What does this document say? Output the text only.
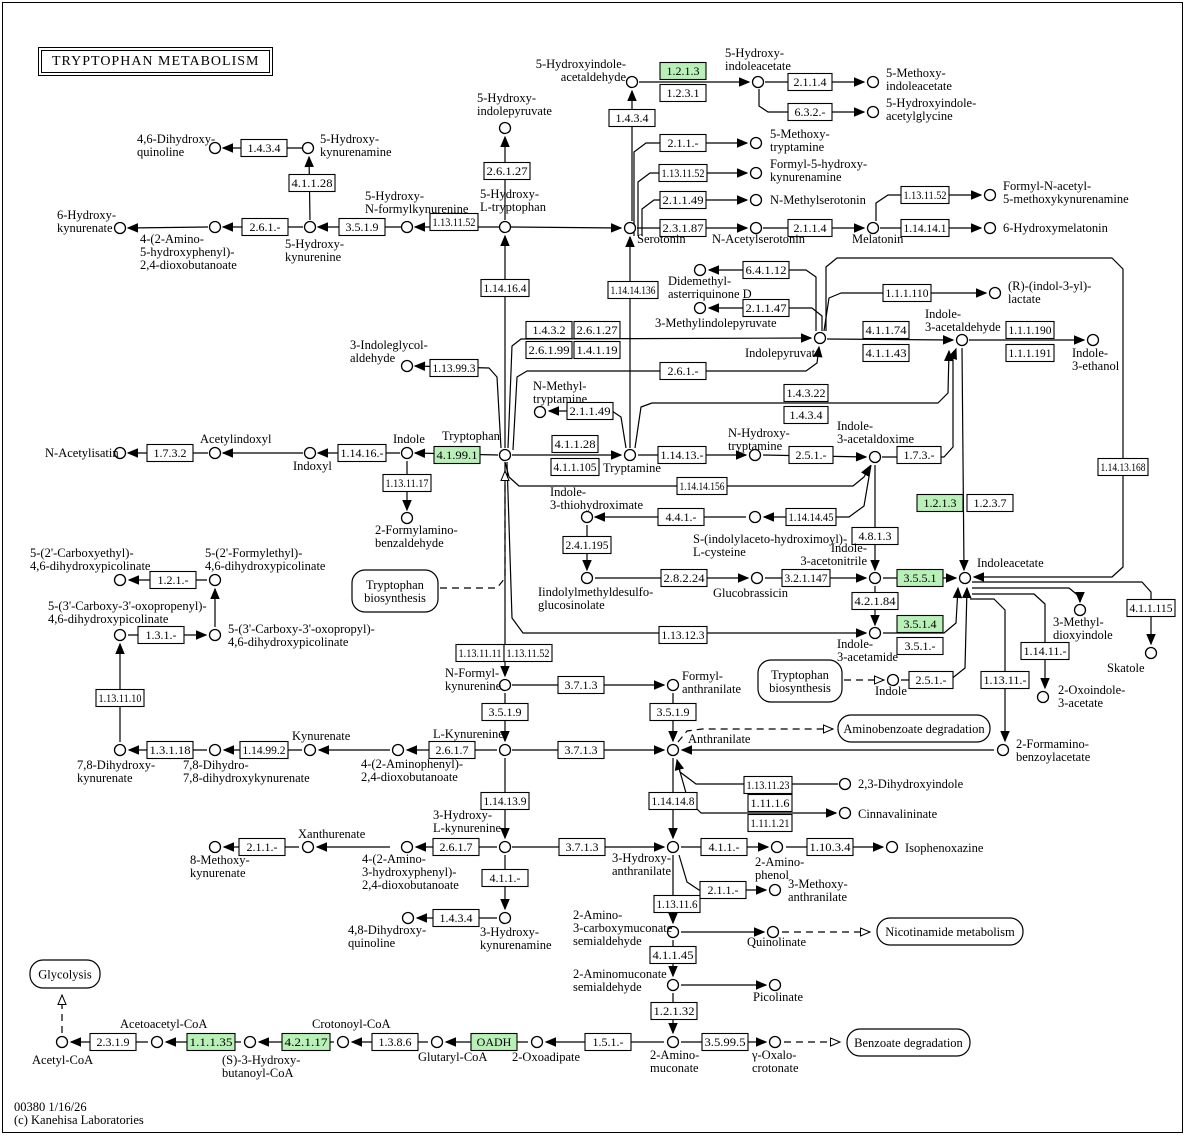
Glycolysis
Tryptophan
biosynthesis
Tryptophan
biosynthesis
Aminobenzoate degradation
Nicotinamide metabolism
Benzoate degradation
1.4.3.4
4.1.1.28
2.6.1.-	3.5.1.9	1.13.11.52
2.6.1.27
1.4.3.4
1.2.1.3
1.2.3.1
2.1.1.4
6.3.2.-
2.1.1.-
1.13.11.52
2.1.1.49
2.3.1.87	2.1.1.4
1.13.11.52
1.14.14.1
1.14.16.4	1.14.14.136
6.4.1.12
2.1.1.47
1.4.3.2 2.6.1.27
2.6.1.99 1.4.1.19
2.6.1.-
1.13.99.3
1.1.1.110
4.1.1.74
4.1.1.43
1.1.1.190
1.1.1.191
1.4.3.22
1.4.3.4
2.1.1.49
4.1.99.1
4.1.1.28
4.1.1.105
1.14.13.-	2.5.1.-	1.7.3.-
1.14.16.-
1.7.3.2
1.13.11.17	1.14.14.156
4.4.1.-	1.14.14.45
2.4.1.195
2.8.2.24	3.2.1.147
4.8.1.3
1.2.1.3 1.2.3.7
3.5.5.1
4.2.1.84
3.5.1.4
3.5.1.-
1.14.13.168
1.13.12.3
1.13.11.11 1.13.11.52
3.7.1.3
3.5.1.9	3.5.1.9
2.6.1.7	3.7.1.3
1.14.99.2
1.3.1.18
1.13.11.10
1.3.1.-
1.2.1.-
2.5.1.-	1.13.11.-
1.14.11.-
4.1.1.115
1.13.11.23
1.11.1.6
1.11.1.21
1.14.13.9	1.14.14.8
2.6.1.7	3.7.1.3
2.1.1.-
4.1.1.-
1.4.3.4
4.1.1.-	1.10.3.4
2.1.1.-
1.13.11.6
4.1.1.45
1.2.1.32
3.5.99.5
1.5.1.-
OADH
1.3.8.6
4.2.1.17
1.1.1.35
2.3.1.9
4,6-Dihydroxy-
quinoline
5-Hydroxy-
kynurenamine
6-Hydroxy-
kynurenate
4-(2-Amino-
5-hydroxyphenyl)-
2,4-dioxobutanoate
5-Hydroxy-
kynurenine
5-Hydroxy-
N-formylkynurenine
5-Hydroxy-
L-tryptophan
5-Hydroxy-
indolepyruvate
5-Hydroxyindole-
acetaldehyde
5-Hydroxy-
indoleacetate	5-Methoxy-
indoleacetate
5-Hydroxyindole-
acetylglycine
5-Methoxy-
tryptamine
Formyl-5-hydroxy-
kynurenamine
N-Methylserotonin
Serotonin N-Acetylserotonin	Melatonin
Formyl-N-acetyl-
5-methoxykynurenamine
6-Hydroxymelatonin
Didemethyl-
asterriquinone D
3-Methylindolepyruvate
Indolepyruvate
(R)-(indol-3-yl)-
lactate
Indole-
3-acetaldehyde
Indole-
3-ethanol
N-Methyl-
tryptamine
Tryptophan
Tryptamine
N-Hydroxy-
tryptamine
Indole-
3-acetaldoxime
3-Indoleglycol-
aldehyde
Indole
Indoxyl
Acetylindoxyl
N-Acetylisatin
2-Formylamino-
benzaldehyde
Indole-
3-thiohydroximate
S-(indolylaceto-hydroximoyl)-
L-cysteine
Iindolylmethyldesulfo-
glucosinolate
Glucobrassicin
Indole-
3-acetonitrile	Indoleacetate
Indole-
3-acetamide
Indole
3-Methyl-
dioxyindole
Skatole
2-Oxoindole-
3-acetate
2-Formamino-
benzoylacetate
5-(2'-Carboxyethyl)-
4,6-dihydroxypicolinate
5-(2'-Formylethyl)-
4,6-dihydroxypicolinate
5-(3'-Carboxy-3'-oxopropenyl)-
4,6-dihydroxypicolinate
5-(3'-Carboxy-3'-oxopropyl)-
4,6-dihydroxypicolinate
7,8-Dihydroxy-
kynurenate
7,8-Dihydro-
7,8-dihydroxykynurenate
Kynurenate
4-(2-Aminophenyl)-
2,4-dioxobutanoate
L-Kynurenine
N-Formyl-
kynurenine
Formyl-
anthranilate
Anthranilate
2,3-Dihydroxyindole
Cinnavalininate
8-Methoxy-
kynurenate
Xanthurenate
4-(2-Amino-
3-hydroxyphenyl)-
2,4-dioxobutanoate
3-Hydroxy-
L-kynurenine
3-Hydroxy-
anthranilate
2-Amino-
phenol
Isophenoxazine
3-Methoxy-
anthranilate
4,8-Dihydroxy-
quinoline
3-Hydroxy-
kynurenamine
2-Amino-
3-carboxymuconate
semialdehyde	Quinolinate
2-Aminomuconate
semialdehyde
Picolinate
2-Amino-
muconate
γ-Oxalo-
crotonate
2-Oxoadipate
Glutaryl-CoA
Crotonoyl-CoA
(S)-3-Hydroxy-
butanoyl-CoA
Acetoacetyl-CoA
Acetyl-CoA
TRYPTOPHAN METABOLISM
00380 1/16/26
(c) Kanehisa Laboratories
